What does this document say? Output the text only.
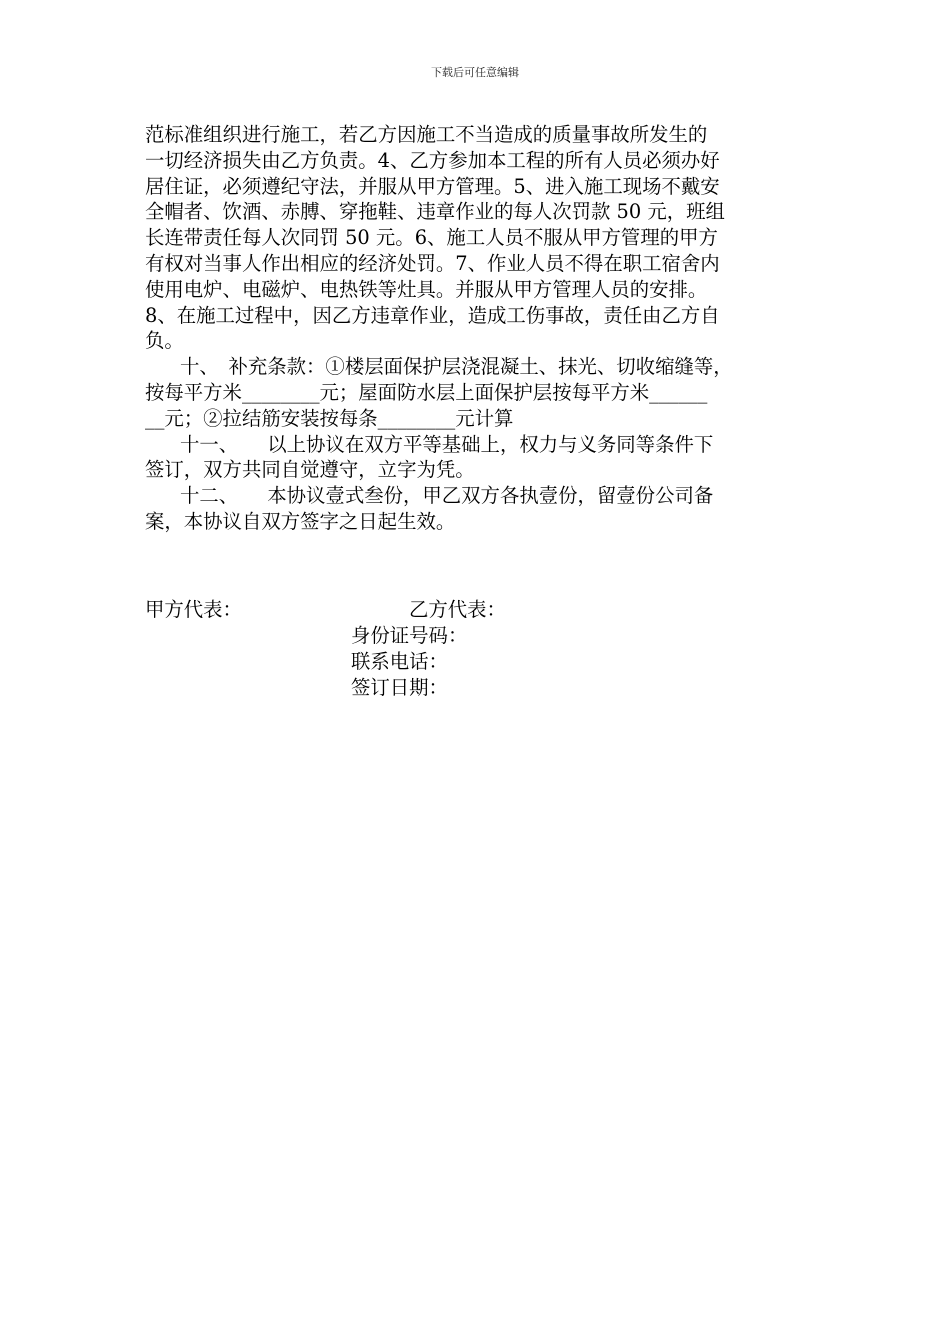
下载后可任意编辑

范标准组织进行施工，若乙方因施工不当造成的质量事故所发生的

一切经济损失由乙方负责。4、乙方参加本工程的所有人员必须办好

居住证，必须遵纪守法，并服从甲方管理。5、进入施工现场不戴安

全帽者、饮酒、赤膊、穿拖鞋、违章作业的每人次罚款 50 元，班组

长连带责任每人次同罚 50 元。6、施工人员不服从甲方管理的甲方

有权对当事人作出相应的经济处罚。7、作业人员不得在职工宿舍内

使用电炉、电磁炉、电热铁等灶具。并服从甲方管理人员的安排。

8、在施工过程中，因乙方违章作业，造成工伤事故，责任由乙方自

负。

十、　补充条款：①楼层面保护层浇混凝土、抹光、切收缩缝等，

按每平方米________元；屋面防水层上面保护层按每平方米______

__元；②拉结筋安装按每条________元计算

十一、　　以上协议在双方平等基础上，权力与义务同等条件下

签订，双方共同自觉遵守，立字为凭。

十二、　　本协议壹式叁份，甲乙双方各执壹份，留壹份公司备

案，本协议自双方签字之日起生效。

甲方代表：	乙方代表：
身份证号码：
联系电话：
签订日期：
